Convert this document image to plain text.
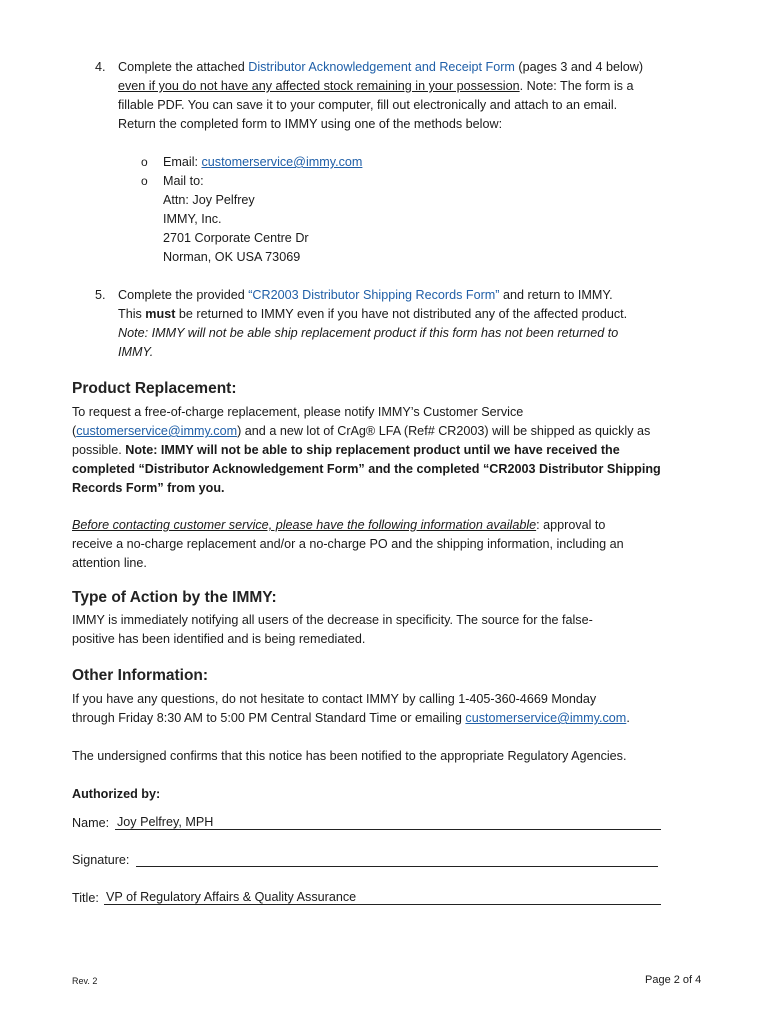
4. Complete the attached Distributor Acknowledgement and Receipt Form (pages 3 and 4 below)
even if you do not have any affected stock remaining in your possession. Note: The form is a
fillable PDF. You can save it to your computer, fill out electronically and attach to an email.
Return the completed form to IMMY using one of the methods below:
o Email: customerservice@immy.com
o Mail to:
Attn: Joy Pelfrey
IMMY, Inc.
2701 Corporate Centre Dr
Norman, OK USA 73069
5. Complete the provided “CR2003 Distributor Shipping Records Form” and return to IMMY.
This must be returned to IMMY even if you have not distributed any of the affected product.
Note: IMMY will not be able ship replacement product if this form has not been returned to
IMMY.
Product Replacement:
To request a free-of-charge replacement, please notify IMMY’s Customer Service
(customerservice@immy.com) and a new lot of CrAg® LFA (Ref# CR2003) will be shipped as quickly as
possible. Note: IMMY will not be able to ship replacement product until we have received the
completed “Distributor Acknowledgement Form” and the completed “CR2003 Distributor Shipping
Records Form” from you.
Before contacting customer service, please have the following information available: approval to
receive a no-charge replacement and/or a no-charge PO and the shipping information, including an
attention line.
Type of Action by the IMMY:
IMMY is immediately notifying all users of the decrease in specificity. The source for the false-
positive has been identified and is being remediated.
Other Information:
If you have any questions, do not hesitate to contact IMMY by calling 1-405-360-4669 Monday
through Friday 8:30 AM to 5:00 PM Central Standard Time or emailing customerservice@immy.com.
The undersigned confirms that this notice has been notified to the appropriate Regulatory Agencies.
Authorized by:
Name: Joy Pelfrey, MPH
Signature:
Title: VP of Regulatory Affairs & Quality Assurance
Rev. 2	Page 2 of 4
